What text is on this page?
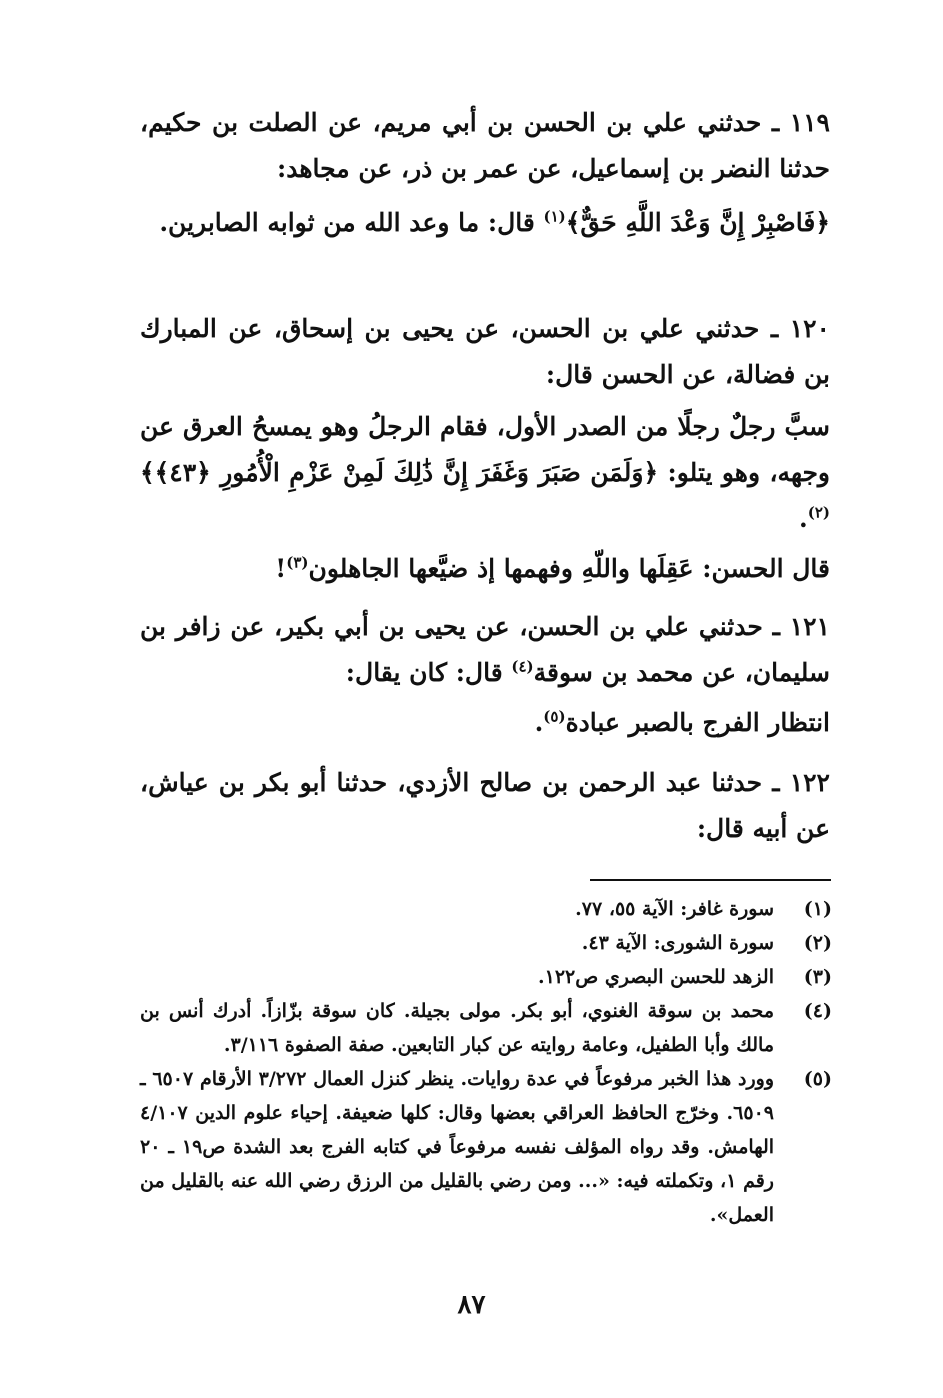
١١٩ ـ حدثني علي بن الحسن بن أبي مريم، عن الصلت بن حكيم، حدثنا النضر بن إسماعيل، عن عمر بن ذر، عن مجاهد:

﴿فَاصْبِرْ إِنَّ وَعْدَ اللَّهِ حَقٌّ﴾$^{(١)}$ قال: ما وعد الله من ثوابه الصابرين.

١٢٠ ـ حدثني علي بن الحسن، عن يحيى بن إسحاق، عن المبارك بن فضالة، عن الحسن قال:

سبَّ رجلٌ رجلًا من الصدر الأول، فقام الرجلُ وهو يمسحُ العرق عن وجهه، وهو يتلو: ﴿وَلَمَن صَبَرَ وَغَفَرَ إِنَّ ذَٰلِكَ لَمِنْ عَزْمِ الْأُمُورِ ﴿٤٣﴾﴾$^{(٢)}$.

قال الحسن: عَقِلَها واللّهِ وفهمها إذ ضيَّعها الجاهلون$^{(٣)}$!

١٢١ ـ حدثني علي بن الحسن، عن يحيى بن أبي بكير، عن زافر بن سليمان، عن محمد بن سوقة$^{(٤)}$ قال: كان يقال:

انتظار الفرج بالصبر عبادة$^{(٥)}$.

١٢٢ ـ حدثنا عبد الرحمن بن صالح الأزدي، حدثنا أبو بكر بن عياش، عن أبيه قال:

(١)
سورة غافر: الآية ٥٥، ٧٧.
(٢)
سورة الشورى: الآية ٤٣.
(٣)
الزهد للحسن البصري ص١٢٢.
(٤)
محمد بن سوقة الغنوي، أبو بكر. مولى بجيلة. كان سوقة بزّازاً. أدرك أنس بن مالك وأبا الطفيل، وعامة روايته عن كبار التابعين. صفة الصفوة ٣/١١٦.
(٥)
وورد هذا الخبر مرفوعاً في عدة روايات. ينظر كنزل العمال ٣/٢٧٢ الأرقام ٦٥٠٧ ـ ٦٥٠٩. وخرّج الحافظ العراقي بعضها وقال: كلها ضعيفة. إحياء علوم الدين ٤/١٠٧ الهامش. وقد رواه المؤلف نفسه مرفوعاً في كتابه الفرج بعد الشدة ص١٩ ـ ٢٠ رقم ١، وتكملته فيه: «... ومن رضي بالقليل من الرزق رضي الله عنه بالقليل من العمل».
٨٧
